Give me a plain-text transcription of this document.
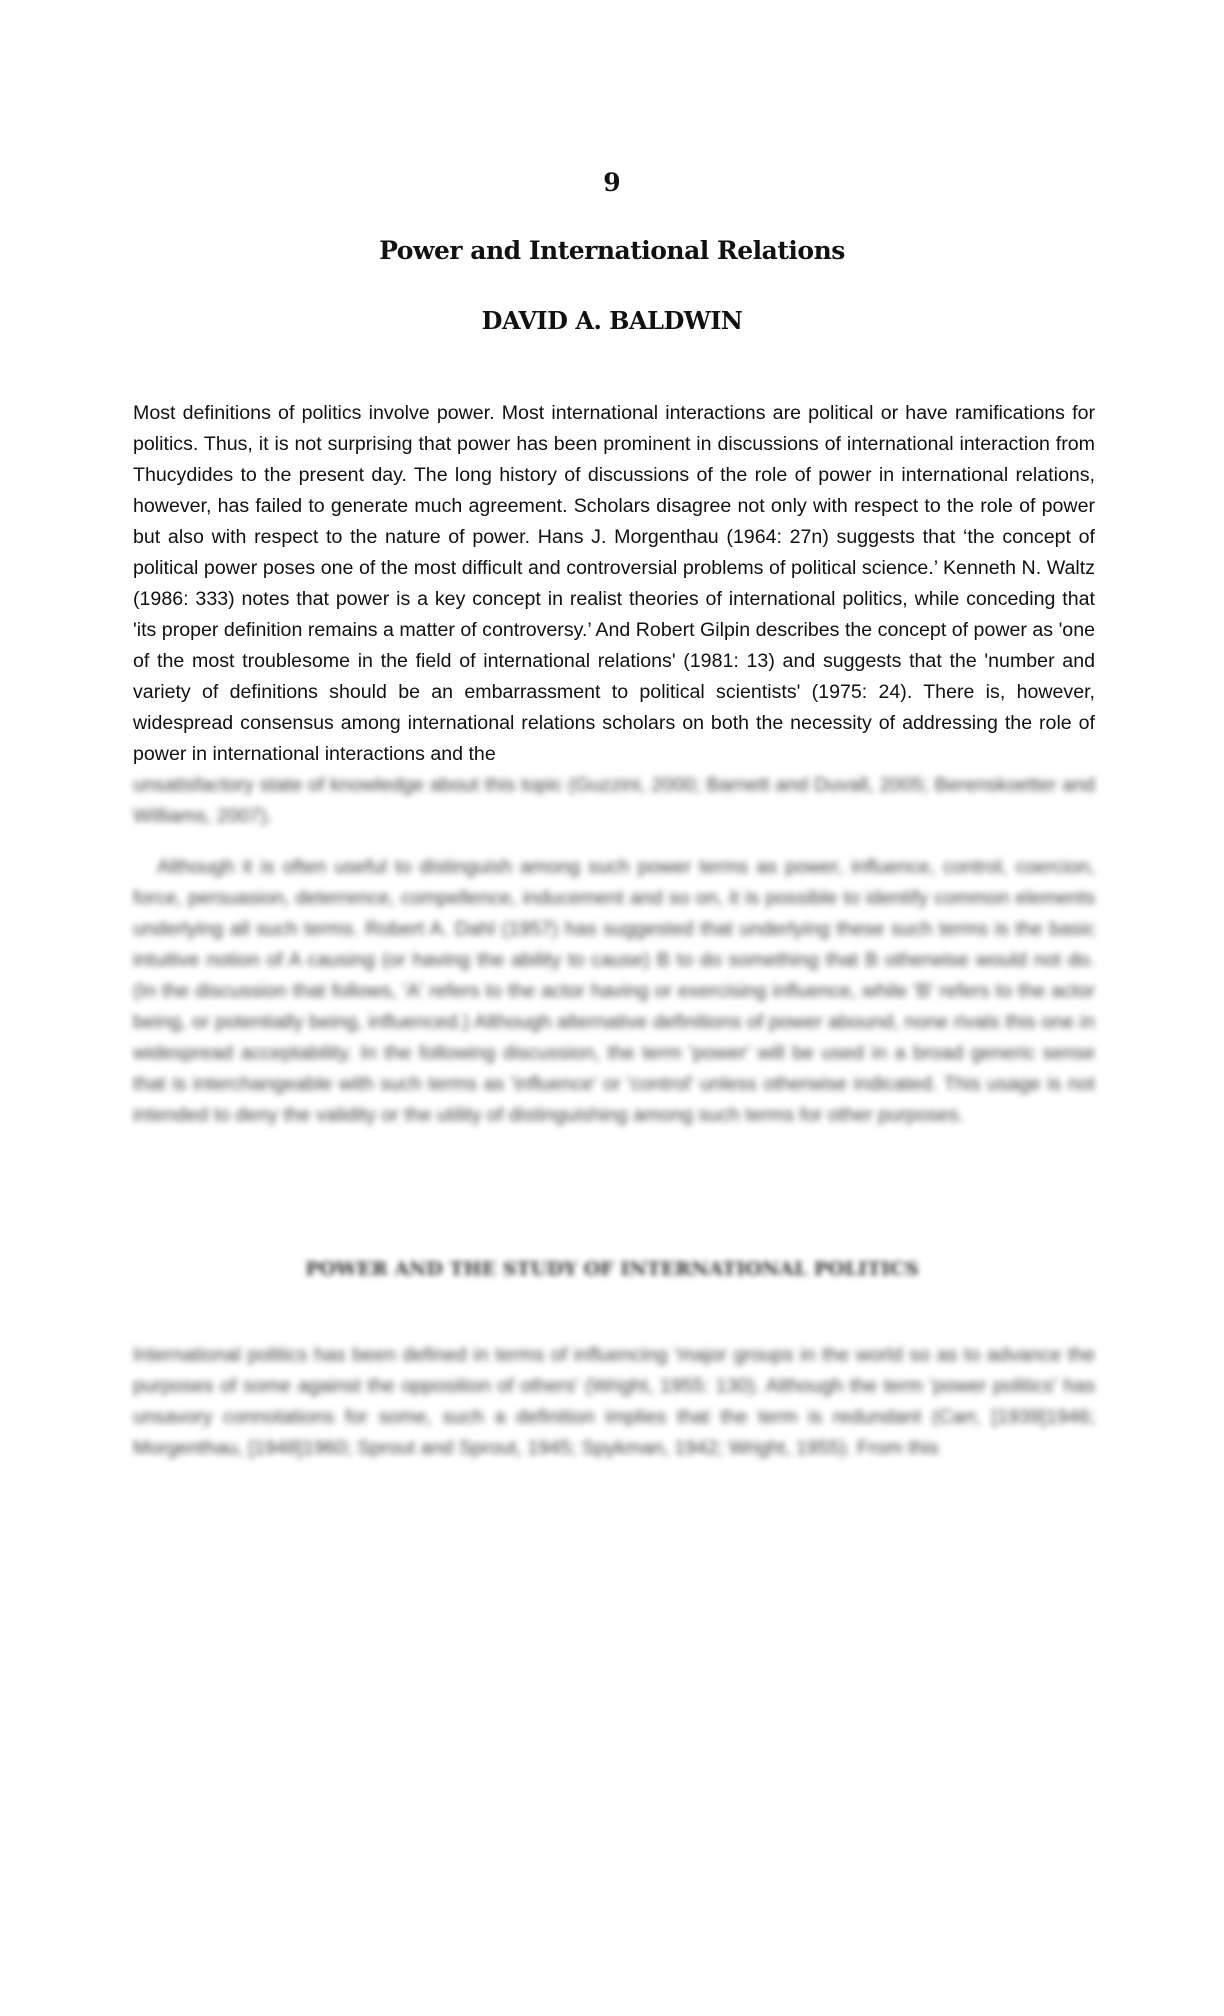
9
Power and International Relations
DAVID A. BALDWIN

Most definitions of politics involve power. Most international interactions are political or have ramifications for politics. Thus, it is not surprising that power has been prominent in discussions of international interaction from Thucydides to the present day. The long history of discussions of the role of power in international relations, however, has failed to generate much agreement. Scholars disagree not only with respect to the role of power but also with respect to the nature of power. Hans J. Morgenthau (1964: 27n) suggests that ‘the concept of political power poses one of the most difficult and controversial problems of political science.’ Kenneth N. Waltz (1986: 333) notes that power is a key concept in realist theories of international politics, while conceding that 'its proper definition remains a matter of controversy.’ And Robert Gilpin describes the concept of power as 'one of the most troublesome in the field of international relations' (1981: 13) and suggests that the 'number and variety of definitions should be an embarrassment to political scientists' (1975: 24). There is, however, widespread consensus among international relations scholars on both the necessity of addressing the role of power in international interactions and the

unsatisfactory state of knowledge about this topic (Guzzini, 2000; Barnett and Duvall, 2005; Berenskoetter and Williams, 2007).

Although it is often useful to distinguish among such power terms as power, influence, control, coercion, force, persuasion, deterrence, compellence, inducement and so on, it is possible to identify common elements underlying all such terms. Robert A. Dahl (1957) has suggested that underlying these such terms is the basic intuitive notion of A causing (or having the ability to cause) B to do something that B otherwise would not do. (In the discussion that follows, 'A' refers to the actor having or exercising influence, while 'B' refers to the actor being, or potentially being, influenced.) Although alternative definitions of power abound, none rivals this one in widespread acceptability. In the following discussion, the term 'power' will be used in a broad generic sense that is interchangeable with such terms as 'influence' or 'control' unless otherwise indicated. This usage is not intended to deny the validity or the utility of distinguishing among such terms for other purposes.

POWER AND THE STUDY OF INTERNATIONAL POLITICS

International politics has been defined in terms of influencing 'major groups in the world so as to advance the purposes of some against the opposition of others' (Wright, 1955: 130). Although the term 'power politics' has unsavory connotations for some, such a definition implies that the term is redundant (Carr, [1939]1946; Morgenthau, [1948]1960; Sprout and Sprout, 1945; Spykman, 1942; Wright, 1955). From this
